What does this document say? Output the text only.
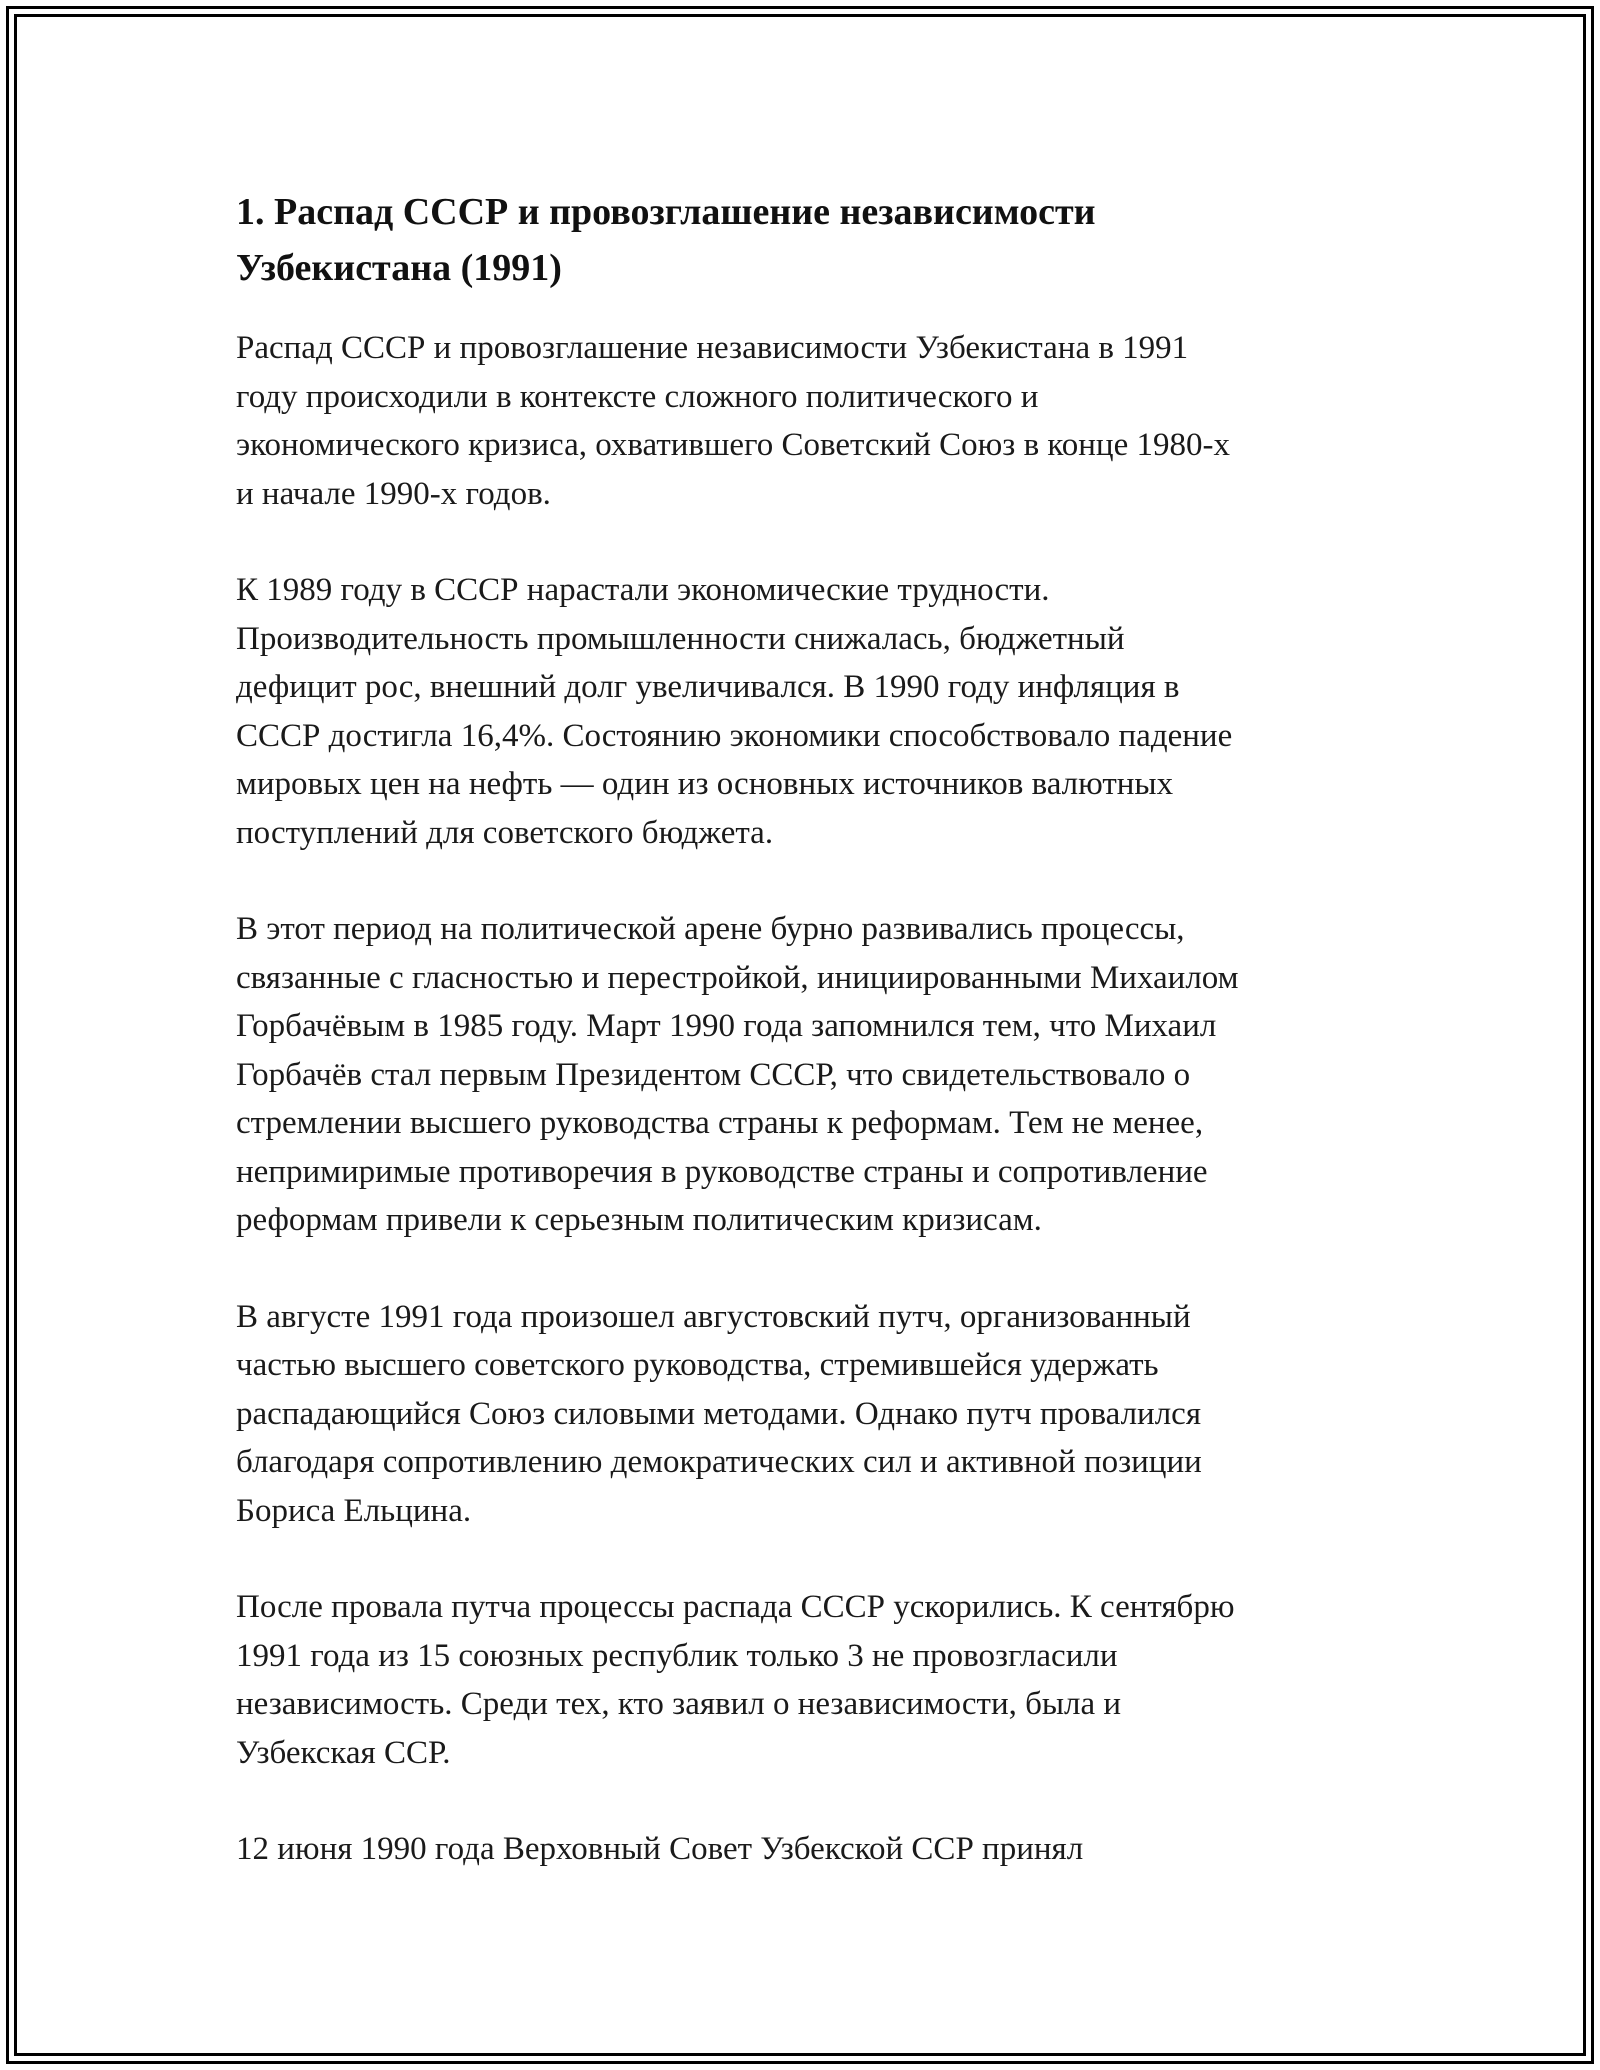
1. Распад СССР и провозглашение независимости
Узбекистана (1991)

Распад СССР и провозглашение независимости Узбекистана в 1991
году происходили в контексте сложного политического и
экономического кризиса, охватившего Советский Союз в конце 1980-х
и начале 1990-х годов.

К 1989 году в СССР нарастали экономические трудности.
Производительность промышленности снижалась, бюджетный
дефицит рос, внешний долг увеличивался. В 1990 году инфляция в
СССР достигла 16,4%. Состоянию экономики способствовало падение
мировых цен на нефть — один из основных источников валютных
поступлений для советского бюджета.

В этот период на политической арене бурно развивались процессы,
связанные с гласностью и перестройкой, инициированными Михаилом
Горбачёвым в 1985 году. Март 1990 года запомнился тем, что Михаил
Горбачёв стал первым Президентом СССР, что свидетельствовало о
стремлении высшего руководства страны к реформам. Тем не менее,
непримиримые противоречия в руководстве страны и сопротивление
реформам привели к серьезным политическим кризисам.

В августе 1991 года произошел августовский путч, организованный
частью высшего советского руководства, стремившейся удержать
распадающийся Союз силовыми методами. Однако путч провалился
благодаря сопротивлению демократических сил и активной позиции
Бориса Ельцина.

После провала путча процессы распада СССР ускорились. К сентябрю
1991 года из 15 союзных республик только 3 не провозгласили
независимость. Среди тех, кто заявил о независимости, была и
Узбекская ССР.

12 июня 1990 года Верховный Совет Узбекской ССР принял
